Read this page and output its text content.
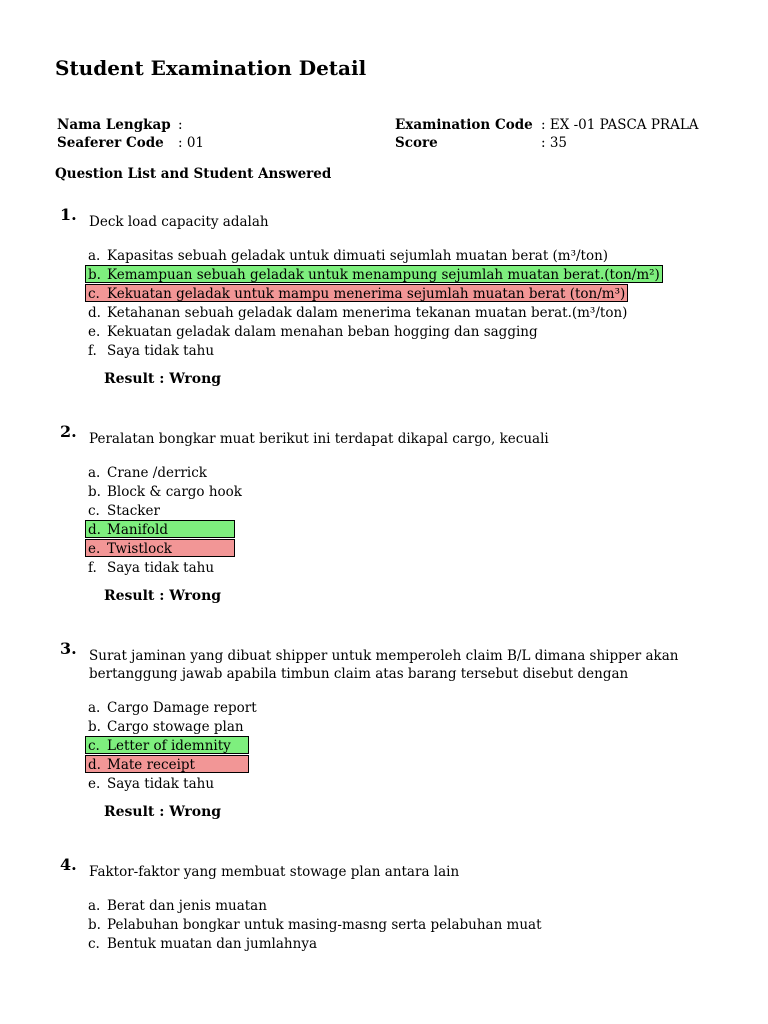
Student Examination Detail
Nama Lengkap :
Seaferer Code : 01
Examination Code : EX -01 PASCA PRALA
Score	: 35
Question List and Student Answered
1. Deck load capacity adalah
a. Kapasitas sebuah geladak untuk dimuati sejumlah muatan berat (m³/ton)
b. Kemampuan sebuah geladak untuk menampung sejumlah muatan berat.(ton/m²)
c. Kekuatan geladak untuk mampu menerima sejumlah muatan berat (ton/m³)
d. Ketahanan sebuah geladak dalam menerima tekanan muatan berat.(m³/ton)
e. Kekuatan geladak dalam menahan beban hogging dan sagging
f. Saya tidak tahu
Result : Wrong
2. Peralatan bongkar muat berikut ini terdapat dikapal cargo, kecuali
a. Crane /derrick
b. Block & cargo hook
c. Stacker
d. Manifold
e. Twistlock
f. Saya tidak tahu
Result : Wrong
3. Surat jaminan yang dibuat shipper untuk memperoleh claim B/L dimana shipper akan
bertanggung jawab apabila timbun claim atas barang tersebut disebut dengan
a. Cargo Damage report
b. Cargo stowage plan
c. Letter of idemnity
d. Mate receipt
e. Saya tidak tahu
Result : Wrong
4. Faktor-faktor yang membuat stowage plan antara lain
a. Berat dan jenis muatan
b. Pelabuhan bongkar untuk masing-masng serta pelabuhan muat
c. Bentuk muatan dan jumlahnya
